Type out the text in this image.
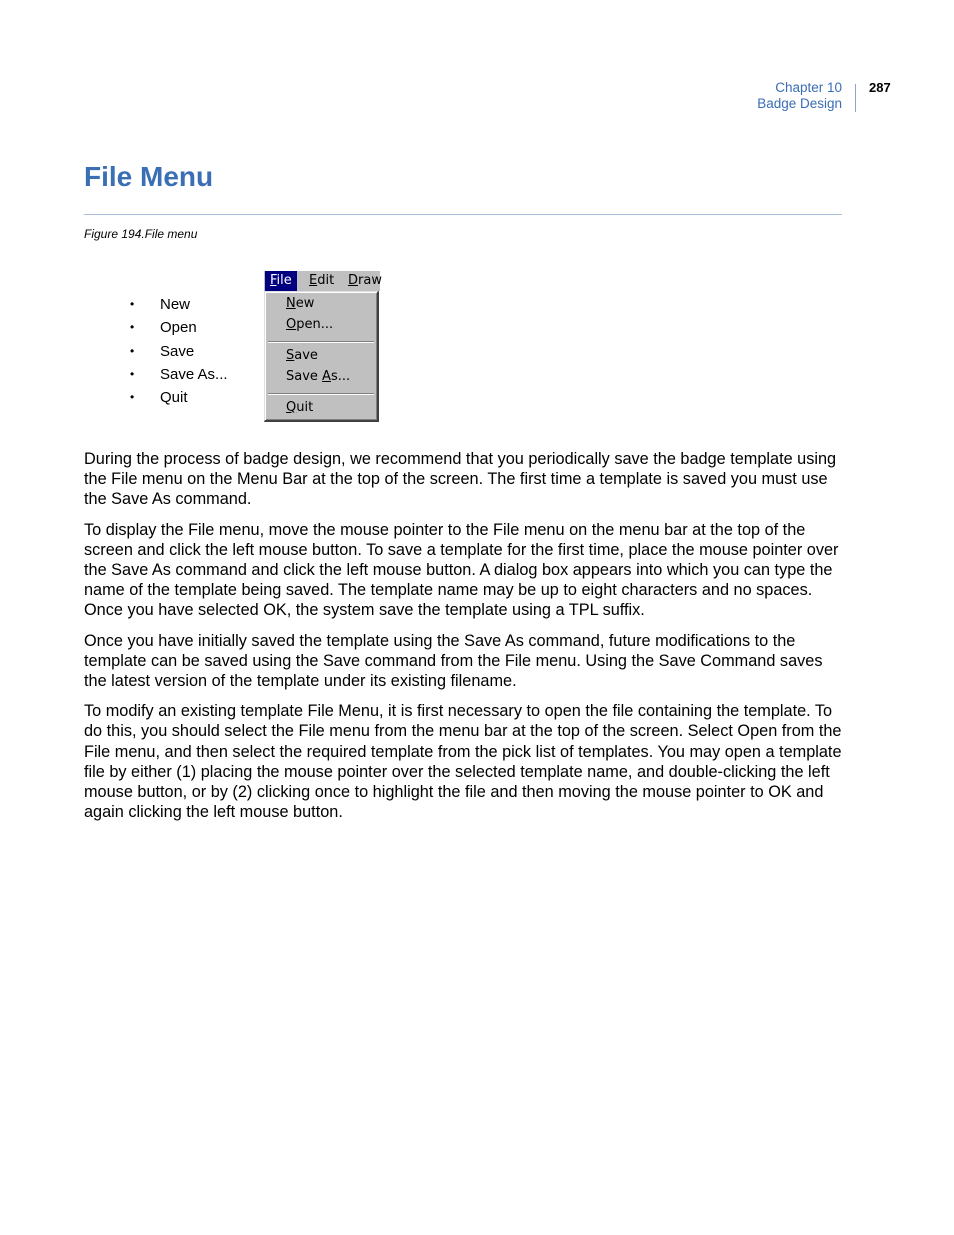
Chapter 10
Badge Design
287
File Menu
Figure 194.File menu
• New
• Open
• Save
• Save As...
• Quit
File	Edit	Draw
New
Open...
Save
Save As...
Quit

During the process of badge design, we recommend that you periodically save the badge template using the File menu on the Menu Bar at the top of the screen. The first time a template is saved you must use the Save As command.

To display the File menu, move the mouse pointer to the File menu on the menu bar at the top of the screen and click the left mouse button. To save a template for the first time, place the mouse pointer over the Save As command and click the left mouse button. A dialog box appears into which you can type the name of the template being saved. The template name may be up to eight characters and no spaces. Once you have selected OK, the system save the template using a TPL suffix.

Once you have initially saved the template using the Save As command, future modifications to the template can be saved using the Save command from the File menu. Using the Save Command saves the latest version of the template under its existing filename.

To modify an existing template File Menu, it is first necessary to open the file containing the template. To do this, you should select the File menu from the menu bar at the top of the screen. Select Open from the File menu, and then select the required template from the pick list of templates. You may open a template file by either (1) placing the mouse pointer over the selected template name, and double-clicking the left mouse button, or by (2) clicking once to highlight the file and then moving the mouse pointer to OK and again clicking the left mouse button.
